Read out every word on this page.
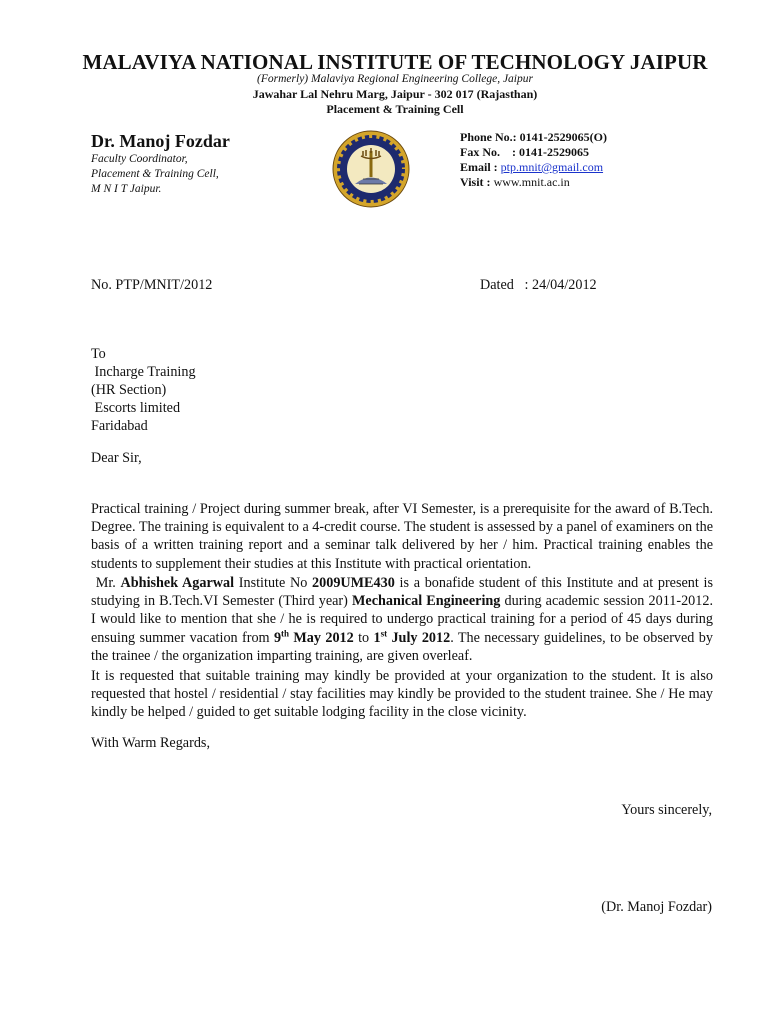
MALAVIYA NATIONAL INSTITUTE OF TECHNOLOGY JAIPUR
(Formerly) Malaviya Regional Engineering College, Jaipur
Jawahar Lal Nehru Marg, Jaipur - 302 017 (Rajasthan)
Placement & Training Cell
Dr. Manoj Fozdar
Faculty Coordinator,
Placement & Training Cell,
M N I T Jaipur.
Phone No.: 0141-2529065(O)
Fax No.    : 0141-2529065
Email : ptp.mnit@gmail.com
Visit : www.mnit.ac.in
No. PTP/MNIT/2012	Dated   : 24/04/2012

To
Incharge Training
(HR Section)
Escorts limited
Faridabad

Dear Sir,
Practical training / Project during summer break, after VI Semester, is a prerequisite for the award of B.Tech. Degree. The training is equivalent to a 4-credit course. The student is assessed by a panel of examiners on the basis of a written training report and a seminar talk delivered by her / him. Practical training enables the students to supplement their studies at this Institute with practical orientation.
Mr. Abhishek Agarwal Institute No 2009UME430 is a bonafide student of this Institute and at present is studying in B.Tech.VI Semester (Third year) Mechanical Engineering during academic session 2011-2012. I would like to mention that she / he is required to undergo practical training for a period of 45 days during ensuing summer vacation from 9th May 2012 to 1st July 2012. The necessary guidelines, to be observed by the trainee / the organization imparting training, are given overleaf.
It is requested that suitable training may kindly be provided at your organization to the student. It is also requested that hostel / residential / stay facilities may kindly be provided to the student trainee. She / He may kindly be helped / guided to get suitable lodging facility in the close vicinity.
With Warm Regards,
Yours sincerely,
(Dr. Manoj Fozdar)
